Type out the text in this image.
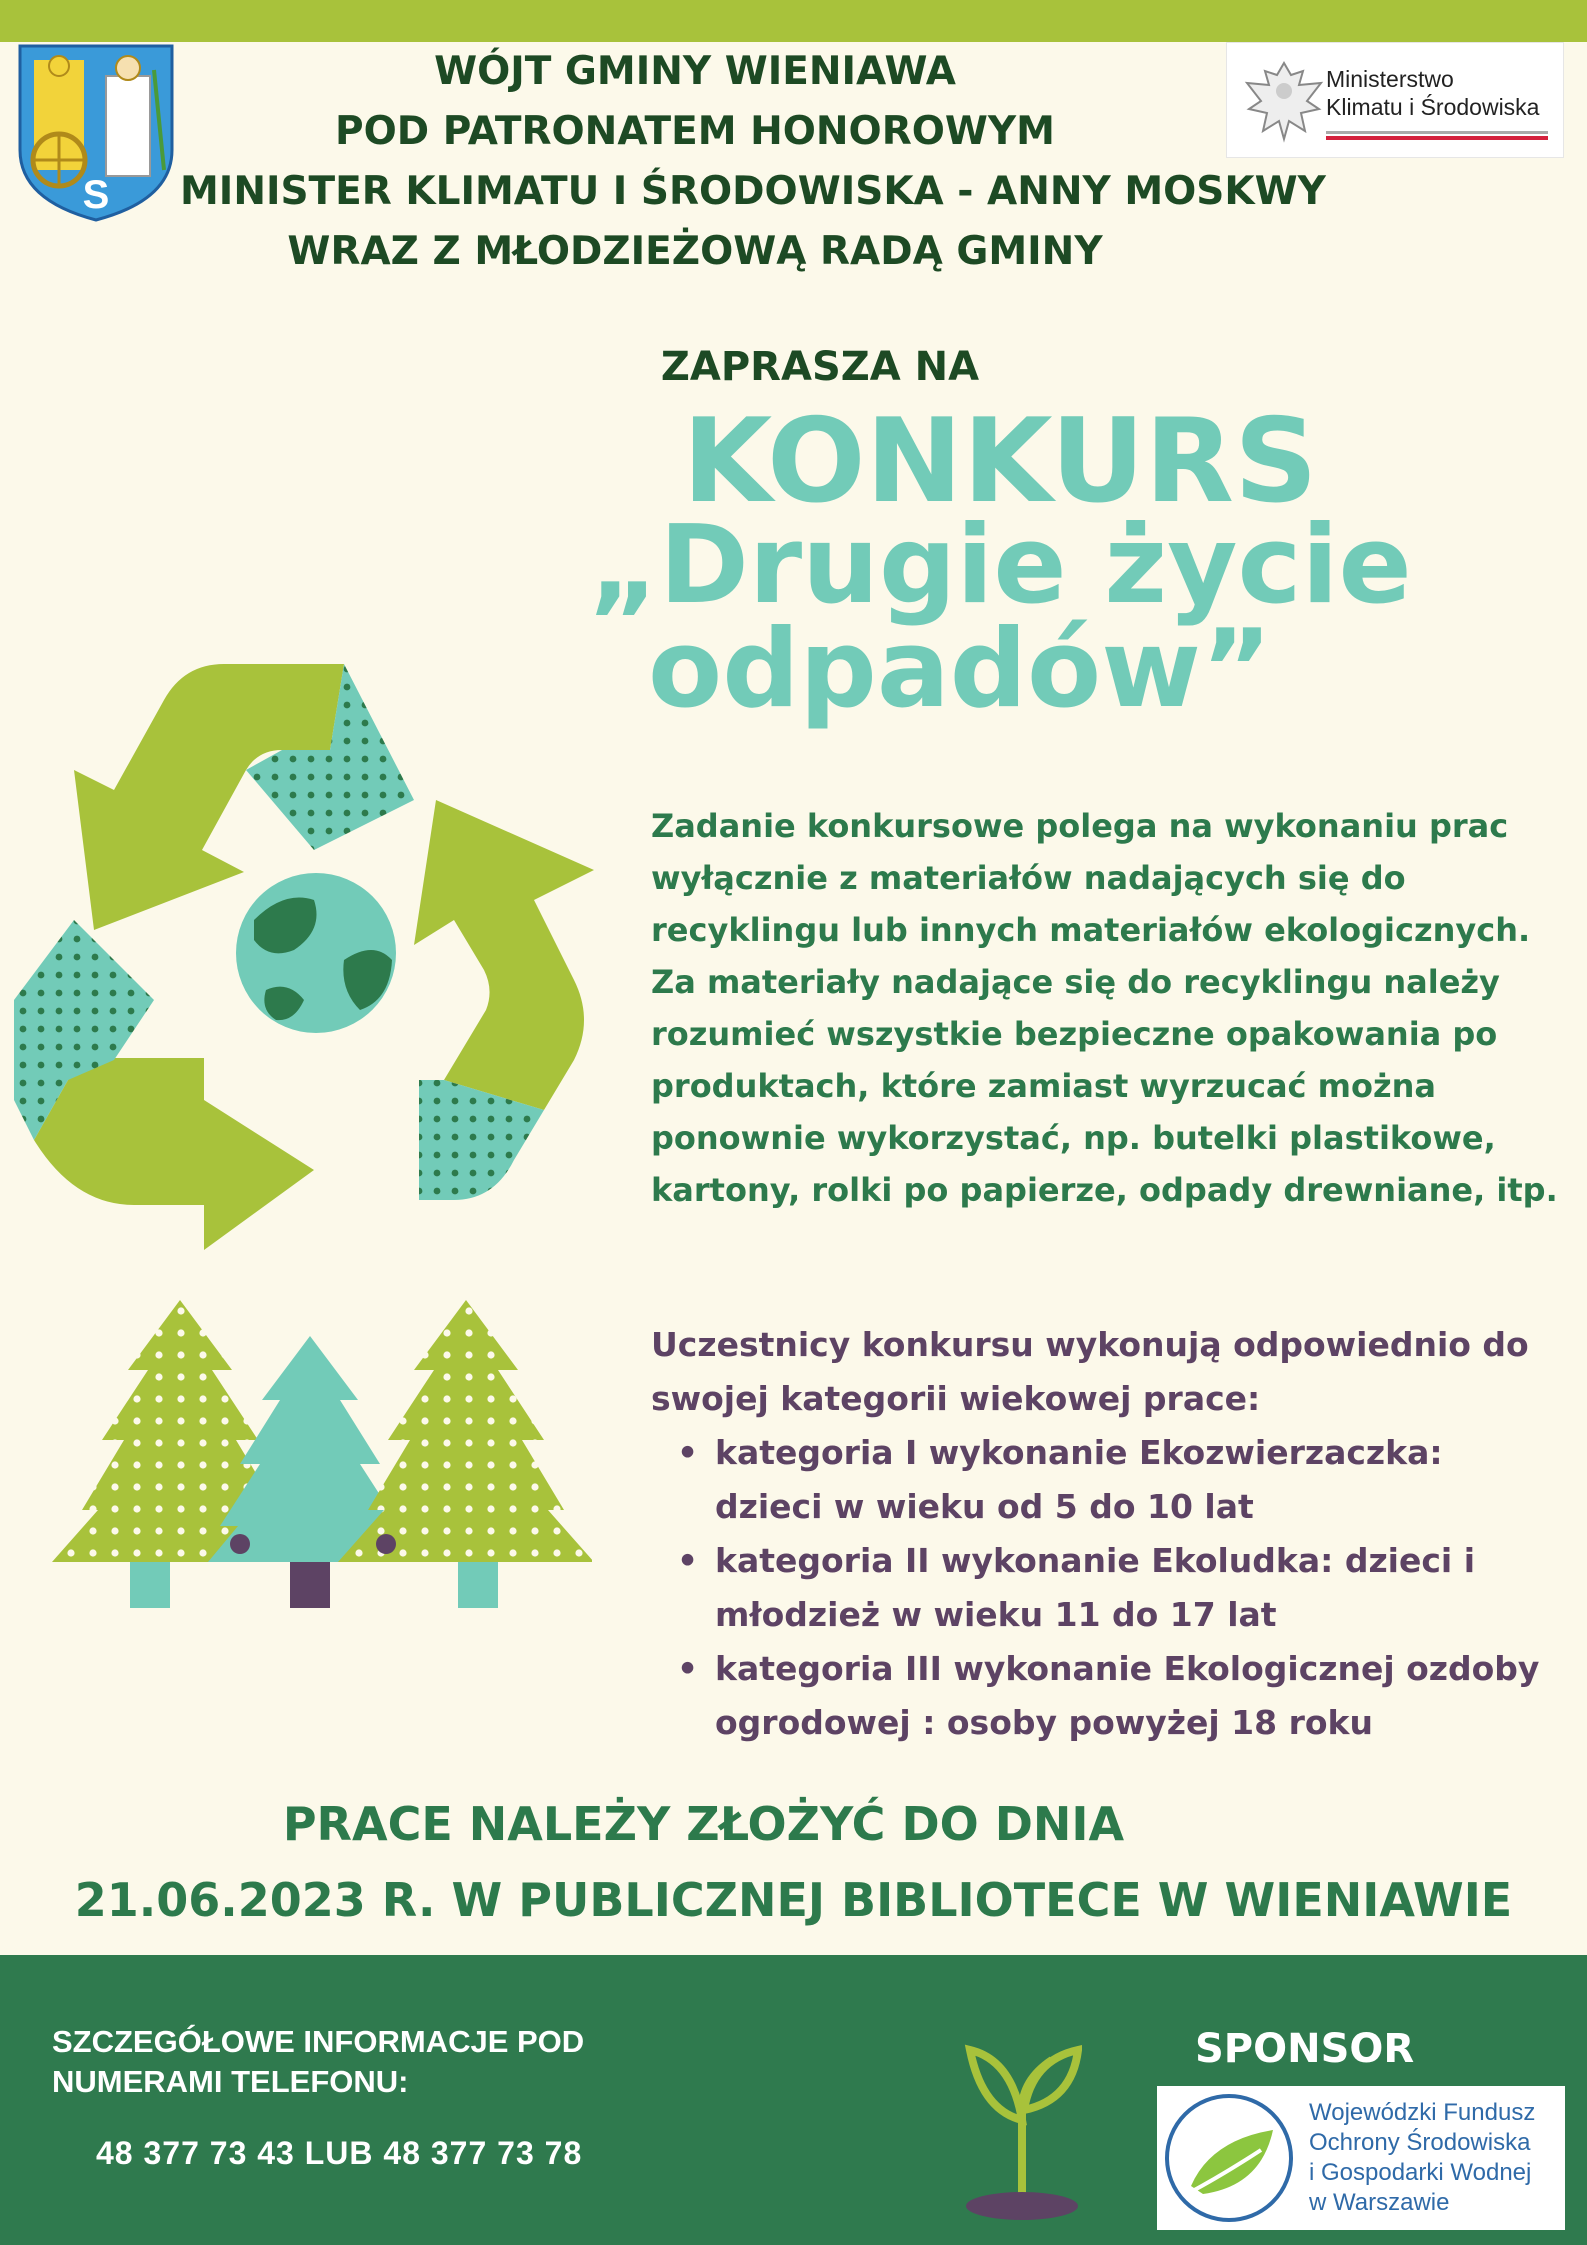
S
Ministerstwo
Klimatu i Środowiska
WÓJT GMINY WIENIAWA
POD PATRONATEM HONOROWYM
MINISTER KLIMATU I ŚRODOWISKA - ANNY MOSKWY
WRAZ Z MŁODZIEŻOWĄ RADĄ GMINY
ZAPRASZA NA
KONKURS
„Drugie życie
odpadów”
Zadanie konkursowe polega na wykonaniu prac wyłącznie z materiałów nadających się do recyklingu lub innych materiałów ekologicznych. Za materiały nadające się do recyklingu należy rozumieć wszystkie bezpieczne opakowania po produktach, które zamiast wyrzucać można ponownie wykorzystać, np. butelki plastikowe, kartony, rolki po papierze, odpady drewniane, itp.
Uczestnicy konkursu wykonują odpowiednio do swojej kategorii wiekowej prace:
• kategoria I wykonanie Ekozwierzaczka: dzieci w wieku od 5 do 10 lat
• kategoria II wykonanie Ekoludka: dzieci i młodzież w wieku 11 do 17 lat
• kategoria III wykonanie Ekologicznej ozdoby ogrodowej : osoby powyżej 18 roku
PRACE NALEŻY ZŁOŻYĆ DO DNIA
21.06.2023 R. W PUBLICZNEJ BIBLIOTECE W WIENIAWIE
SZCZEGÓŁOWE INFORMACJE POD
NUMERAMI TELEFONU:
48 377 73 43 LUB 48 377 73 78
SPONSOR
Wojewódzki Fundusz
Ochrony Środowiska
i Gospodarki Wodnej
w Warszawie
